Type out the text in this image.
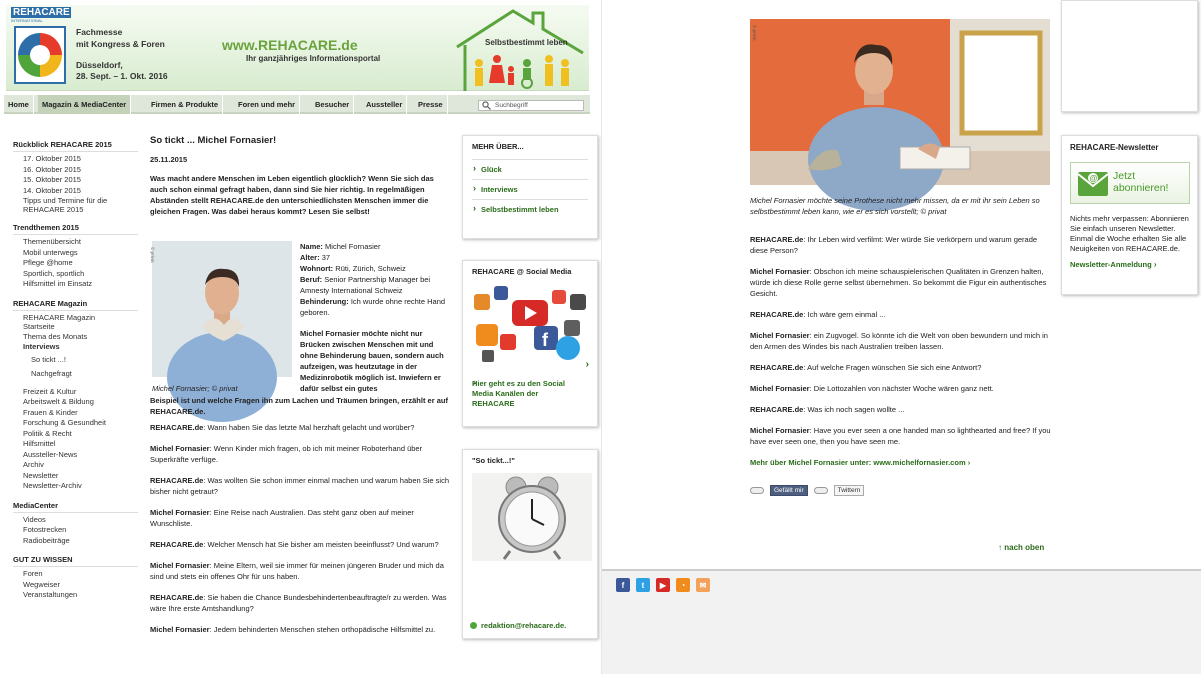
REHACARE
INTERNATIONAL
Fachmesse
mit Kongress & Foren
Düsseldorf,
28. Sept. – 1. Okt. 2016
www.REHACARE.de
Ihr ganzjähriges Informationsportal
Selbstbestimmt leben
Home	Magazin & MediaCenter	Firmen & Produkte	Foren und mehr	Besucher	Aussteller	Presse	Suchbegriff
Rückblick REHACARE 2015
17. Oktober 2015
16. Oktober 2015
15. Oktober 2015
14. Oktober 2015
Tipps und Termine für die
REHACARE 2015
Trendthemen 2015
Themenübersicht
Mobil unterwegs
Pflege @home
Sportlich, sportlich
Hilfsmittel im Einsatz
REHACARE Magazin
REHACARE Magazin
Startseite
Thema des Monats
Interviews
So tickt ...!
Nachgefragt
Freizeit & Kultur
Arbeitswelt & Bildung
Frauen & Kinder
Forschung & Gesundheit
Politik & Recht
Hilfsmittel
Aussteller-News
Archiv
Newsletter
Newsletter-Archiv
MediaCenter
Videos
Fotostrecken
Radiobeiträge
GUT ZU WISSEN
Foren
Wegweiser
Veranstaltungen
So tickt ... Michel Fornasier!
25.11.2015
Was macht andere Menschen im Leben eigentlich glücklich? Wenn Sie sich das auch schon einmal gefragt haben, dann sind Sie hier richtig. In regelmäßigen Abständen stellt REHACARE.de den unterschiedlichsten Menschen immer die gleichen Fragen. Was dabei heraus kommt? Lesen Sie selbst!
© privat
Michel Fornasier; © privat
Name: Michel Fornasier
Alter: 37
Wohnort: Rüti, Zürich, Schweiz
Beruf: Senior Partnership Manager bei Amnesty International Schweiz
Behinderung: Ich wurde ohne rechte Hand geboren.
Michel Fornasier möchte nicht nur Brücken zwischen Menschen mit und ohne Behinderung bauen, sondern auch aufzeigen, was heutzutage in der Medizinrobotik möglich ist. Inwiefern er dafür selbst ein gutes
Beispiel ist und welche Fragen ihn zum Lachen und Träumen bringen, erzählt er auf REHACARE.de.
REHACARE.de: Wann haben Sie das letzte Mal herzhaft gelacht und worüber?
Michel Fornasier: Wenn Kinder mich fragen, ob ich mit meiner Roboterhand über Superkräfte verfüge.
REHACARE.de: Was wollten Sie schon immer einmal machen und warum haben Sie sich bisher nicht getraut?
Michel Fornasier: Eine Reise nach Australien. Das steht ganz oben auf meiner Wunschliste.
REHACARE.de: Welcher Mensch hat Sie bisher am meisten beeinflusst? Und warum?
Michel Fornasier: Meine Eltern, weil sie immer für meinen jüngeren Bruder und mich da sind und stets ein offenes Ohr für uns haben.
REHACARE.de: Sie haben die Chance Bundesbehindertenbeauftragte/r zu werden. Was wäre Ihre erste Amtshandlung?
Michel Fornasier: Jedem behinderten Menschen stehen orthopädische Hilfsmittel zu.
MEHR ÜBER...
› Glück
› Interviews
› Selbstbestimmt leben
REHACARE @ Social Media
f
› Hier geht es zu den Social Media Kanälen der REHACARE
›
"So tickt...!"
redaktion@rehacare.de.
© privat
Michel Fornasier möchte seine Prothese nicht mehr missen, da er mit ihr sein Leben so selbstbestimmt leben kann, wie er es sich vorstellt; © privat
REHACARE.de: Ihr Leben wird verfilmt: Wer würde Sie verkörpern und warum gerade diese Person?
Michel Fornasier: Obschon ich meine schauspielerischen Qualitäten in Grenzen halten, würde ich diese Rolle gerne selbst übernehmen. So bekommt die Figur ein authentisches Gesicht.
REHACARE.de: Ich wäre gern einmal ...
Michel Fornasier: ein Zugvogel. So könnte ich die Welt von oben bewundern und mich in den Armen des Windes bis nach Australien treiben lassen.
REHACARE.de: Auf welche Fragen wünschen Sie sich eine Antwort?
Michel Fornasier: Die Lottozahlen von nächster Woche wären ganz nett.
REHACARE.de: Was ich noch sagen wollte ...
Michel Fornasier: Have you ever seen a one handed man so lighthearted and free? If you have ever seen one, then you have seen me.
Mehr über Michel Fornasier unter: www.michelfornasier.com ›
Gefällt mir	Twittern
↑ nach oben
REHACARE-Newsletter
@ Jetzt
abonnieren!
Nichts mehr verpassen: Abonnieren Sie einfach unseren Newsletter. Einmal die Woche erhalten Sie alle Neuigkeiten von REHACARE.de.
Newsletter-Anmeldung ›
f	t	▶	◔	✉
